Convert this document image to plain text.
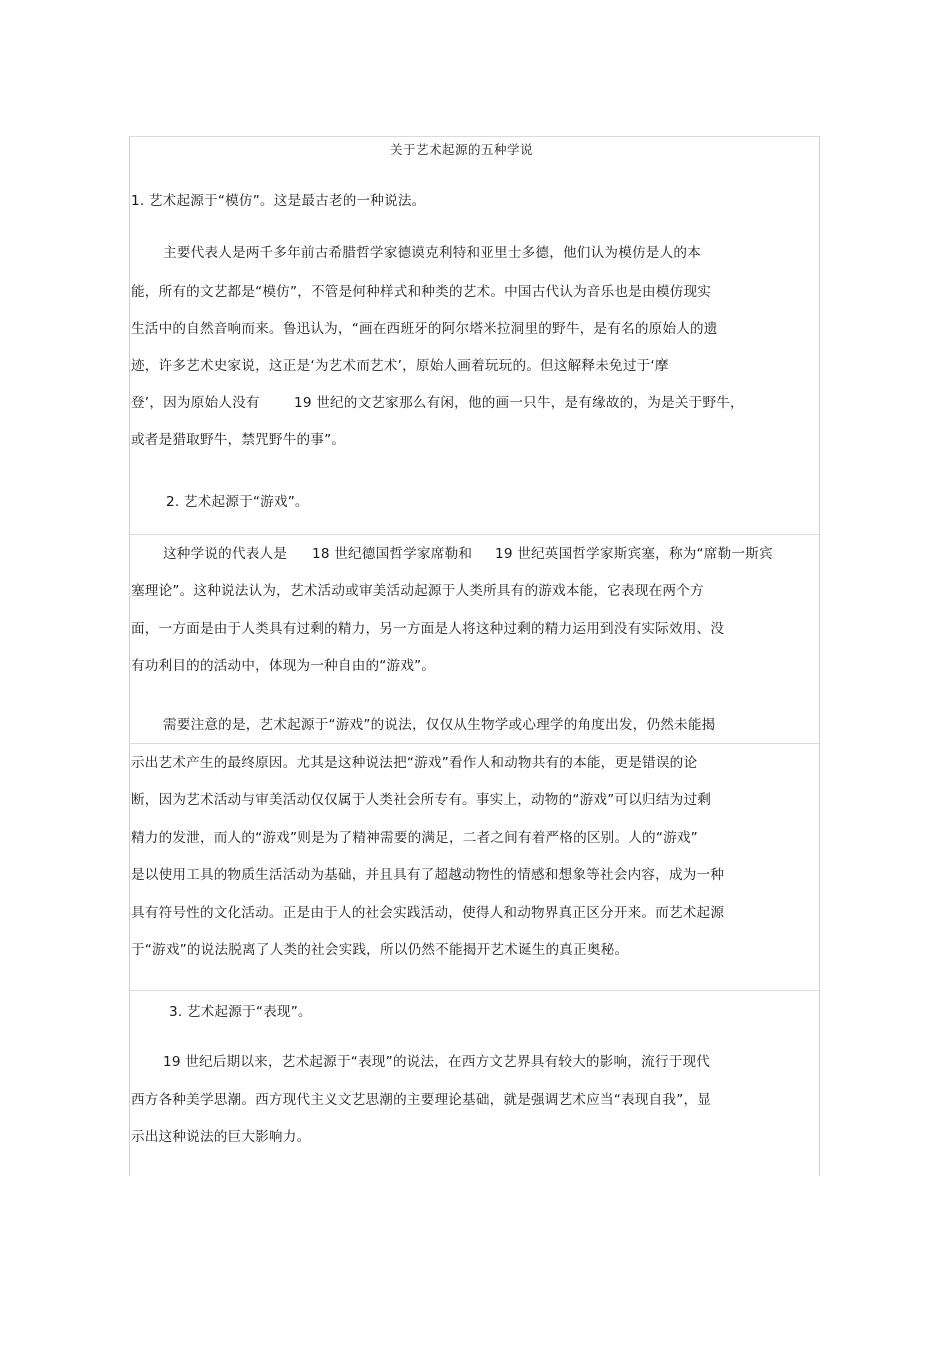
关于艺术起源的五种学说
1. 艺术起源于“模仿”。这是最古老的一种说法。
主要代表人是两千多年前古希腊哲学家德谟克利特和亚里士多德，他们认为模仿是人的本
能，所有的文艺都是“模仿”，不管是何种样式和种类的艺术。中国古代认为音乐也是由模仿现实
生活中的自然音响而来。鲁迅认为，“画在西班牙的阿尔塔米拉洞里的野牛，是有名的原始人的遗
迹，许多艺术史家说，这正是‘为艺术而艺术’，原始人画着玩玩的。但这解释未免过于‘摩
登’，因为原始人没有	19 世纪的文艺家那么有闲，他的画一只牛，是有缘故的，为是关于野牛，
或者是猎取野牛，禁咒野牛的事”。
2. 艺术起源于“游戏”。
这种学说的代表人是 18 世纪德国哲学家席勒和 19 世纪英国哲学家斯宾塞，称为“席勒一斯宾
塞理论”。这种说法认为，艺术活动或审美活动起源于人类所具有的游戏本能，它表现在两个方
面，一方面是由于人类具有过剩的精力，另一方面是人将这种过剩的精力运用到没有实际效用、没
有功利目的的活动中，体现为一种自由的“游戏”。
需要注意的是，艺术起源于“游戏”的说法，仅仅从生物学或心理学的角度出发，仍然未能揭
示出艺术产生的最终原因。尤其是这种说法把“游戏”看作人和动物共有的本能，更是错误的论
断，因为艺术活动与审美活动仅仅属于人类社会所专有。事实上，动物的“游戏”可以归结为过剩
精力的发泄，而人的“游戏”则是为了精神需要的满足，二者之间有着严格的区别。人的“游戏”
是以使用工具的物质生活活动为基础，并且具有了超越动物性的情感和想象等社会内容，成为一种
具有符号性的文化活动。正是由于人的社会实践活动，使得人和动物界真正区分开来。而艺术起源
于“游戏”的说法脱离了人类的社会实践，所以仍然不能揭开艺术诞生的真正奥秘。
3. 艺术起源于“表现”。
19 世纪后期以来，艺术起源于“表现”的说法，在西方文艺界具有较大的影响，流行于现代
西方各种美学思潮。西方现代主义文艺思潮的主要理论基础，就是强调艺术应当“表现自我”，显
示出这种说法的巨大影响力。
